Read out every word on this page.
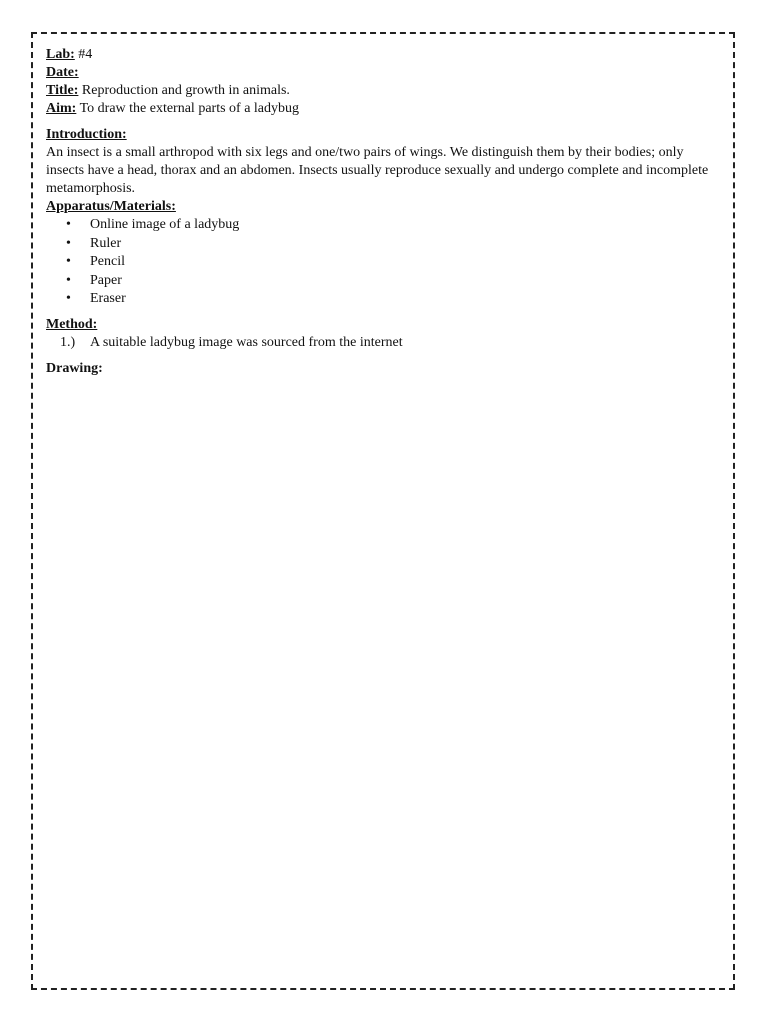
Lab: #4

Date:

Title: Reproduction and growth in animals.

Aim: To draw the external parts of a ladybug

Introduction:

An insect is a small arthropod with six legs and one/two pairs of wings. We distinguish them by their bodies; only insects have a head, thorax and an abdomen. Insects usually reproduce sexually and undergo complete and incomplete metamorphosis.

Apparatus/Materials:

• Online image of a ladybug
• Ruler
• Pencil
• Paper
• Eraser

Method:

1.) A suitable ladybug image was sourced from the internet

Drawing:
